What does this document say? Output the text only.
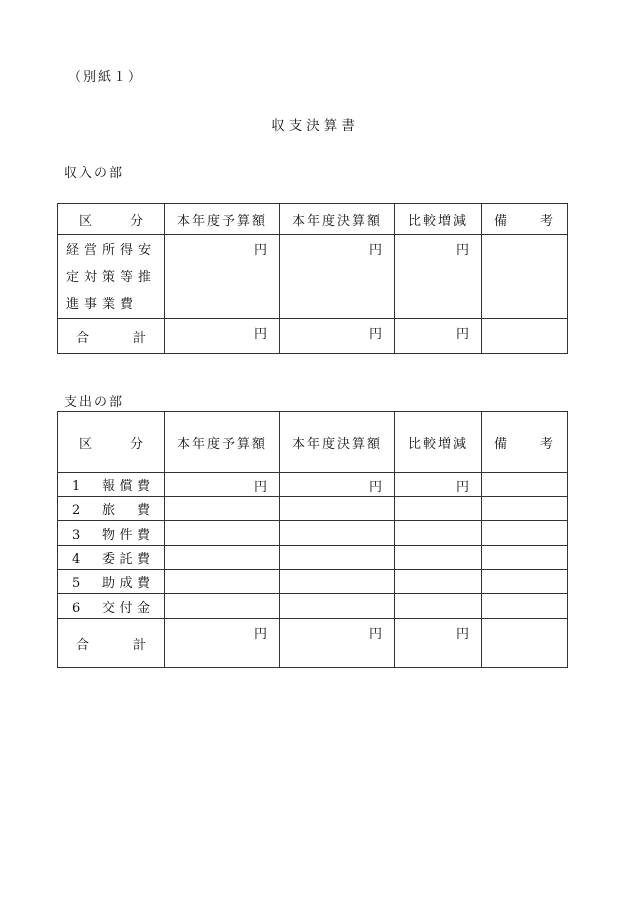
（別紙１）
収支決算書
収入の部
区 分	本年度予算額	本年度決算額	比較増減	備 考

経営所得安
定対策等推
進事業費	円	円	円	
合 計	円	円	円	
支出の部
区 分	本年度予算額	本年度決算額	比較増減	備 考

1 報償費	円	円	円	
2 旅費				
3 物件費				
4 委託費				
5 助成費				
6 交付金				
合 計	円	円	円	
